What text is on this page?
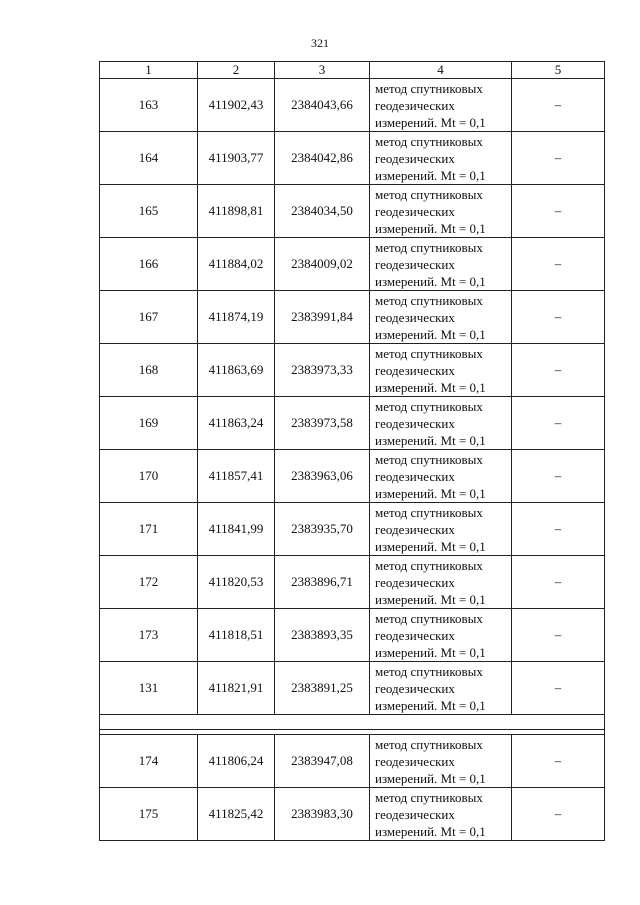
321
1	2	3	4	5
163	411902,43	2384043,66	метод спутниковых
геодезических
измерений. Mt = 0,1	–
164	411903,77	2384042,86	метод спутниковых
геодезических
измерений. Mt = 0,1	–
165	411898,81	2384034,50	метод спутниковых
геодезических
измерений. Mt = 0,1	–
166	411884,02	2384009,02	метод спутниковых
геодезических
измерений. Mt = 0,1	–
167	411874,19	2383991,84	метод спутниковых
геодезических
измерений. Mt = 0,1	–
168	411863,69	2383973,33	метод спутниковых
геодезических
измерений. Mt = 0,1	–
169	411863,24	2383973,58	метод спутниковых
геодезических
измерений. Mt = 0,1	–
170	411857,41	2383963,06	метод спутниковых
геодезических
измерений. Mt = 0,1	–
171	411841,99	2383935,70	метод спутниковых
геодезических
измерений. Mt = 0,1	–
172	411820,53	2383896,71	метод спутниковых
геодезических
измерений. Mt = 0,1	–
173	411818,51	2383893,35	метод спутниковых
геодезических
измерений. Mt = 0,1	–
131	411821,91	2383891,25	метод спутниковых
геодезических
измерений. Mt = 0,1	–

174	411806,24	2383947,08	метод спутниковых
геодезических
измерений. Mt = 0,1	–
175	411825,42	2383983,30	метод спутниковых
геодезических
измерений. Mt = 0,1	–
